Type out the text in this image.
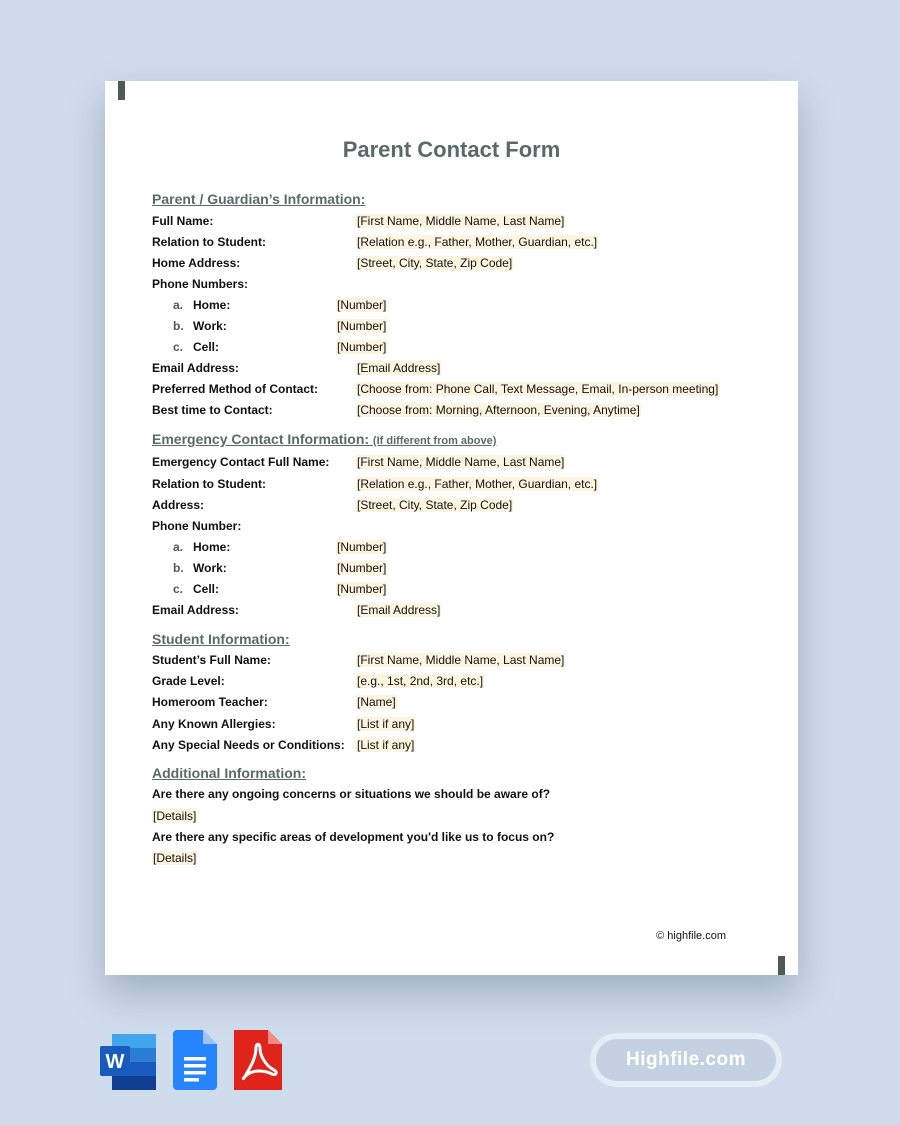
Parent Contact Form
Parent / Guardian’s Information:
Full Name:	[First Name, Middle Name, Last Name]
Relation to Student:	[Relation e.g., Father, Mother, Guardian, etc.]
Home Address:	[Street, City, State, Zip Code]
Phone Numbers:
a. Home:	[Number]
b. Work:	[Number]
c. Cell:	[Number]
Email Address:	[Email Address]
Preferred Method of Contact:	[Choose from: Phone Call, Text Message, Email, In-person meeting]
Best time to Contact:	[Choose from: Morning, Afternoon, Evening, Anytime]
Emergency Contact Information: (If different from above)
Emergency Contact Full Name:	[First Name, Middle Name, Last Name]
Relation to Student:	[Relation e.g., Father, Mother, Guardian, etc.]
Address:	[Street, City, State, Zip Code]
Phone Number:
a. Home:	[Number]
b. Work:	[Number]
c. Cell:	[Number]
Email Address:	[Email Address]
Student Information:
Student’s Full Name:	[First Name, Middle Name, Last Name]
Grade Level:	[e.g., 1st, 2nd, 3rd, etc.]
Homeroom Teacher:	[Name]
Any Known Allergies:	[List if any]
Any Special Needs or Conditions:	[List if any]
Additional Information:
Are there any ongoing concerns or situations we should be aware of?
[Details]
Are there any specific areas of development you'd like us to focus on?
[Details]
© highfile.com
W	Highfile.com
